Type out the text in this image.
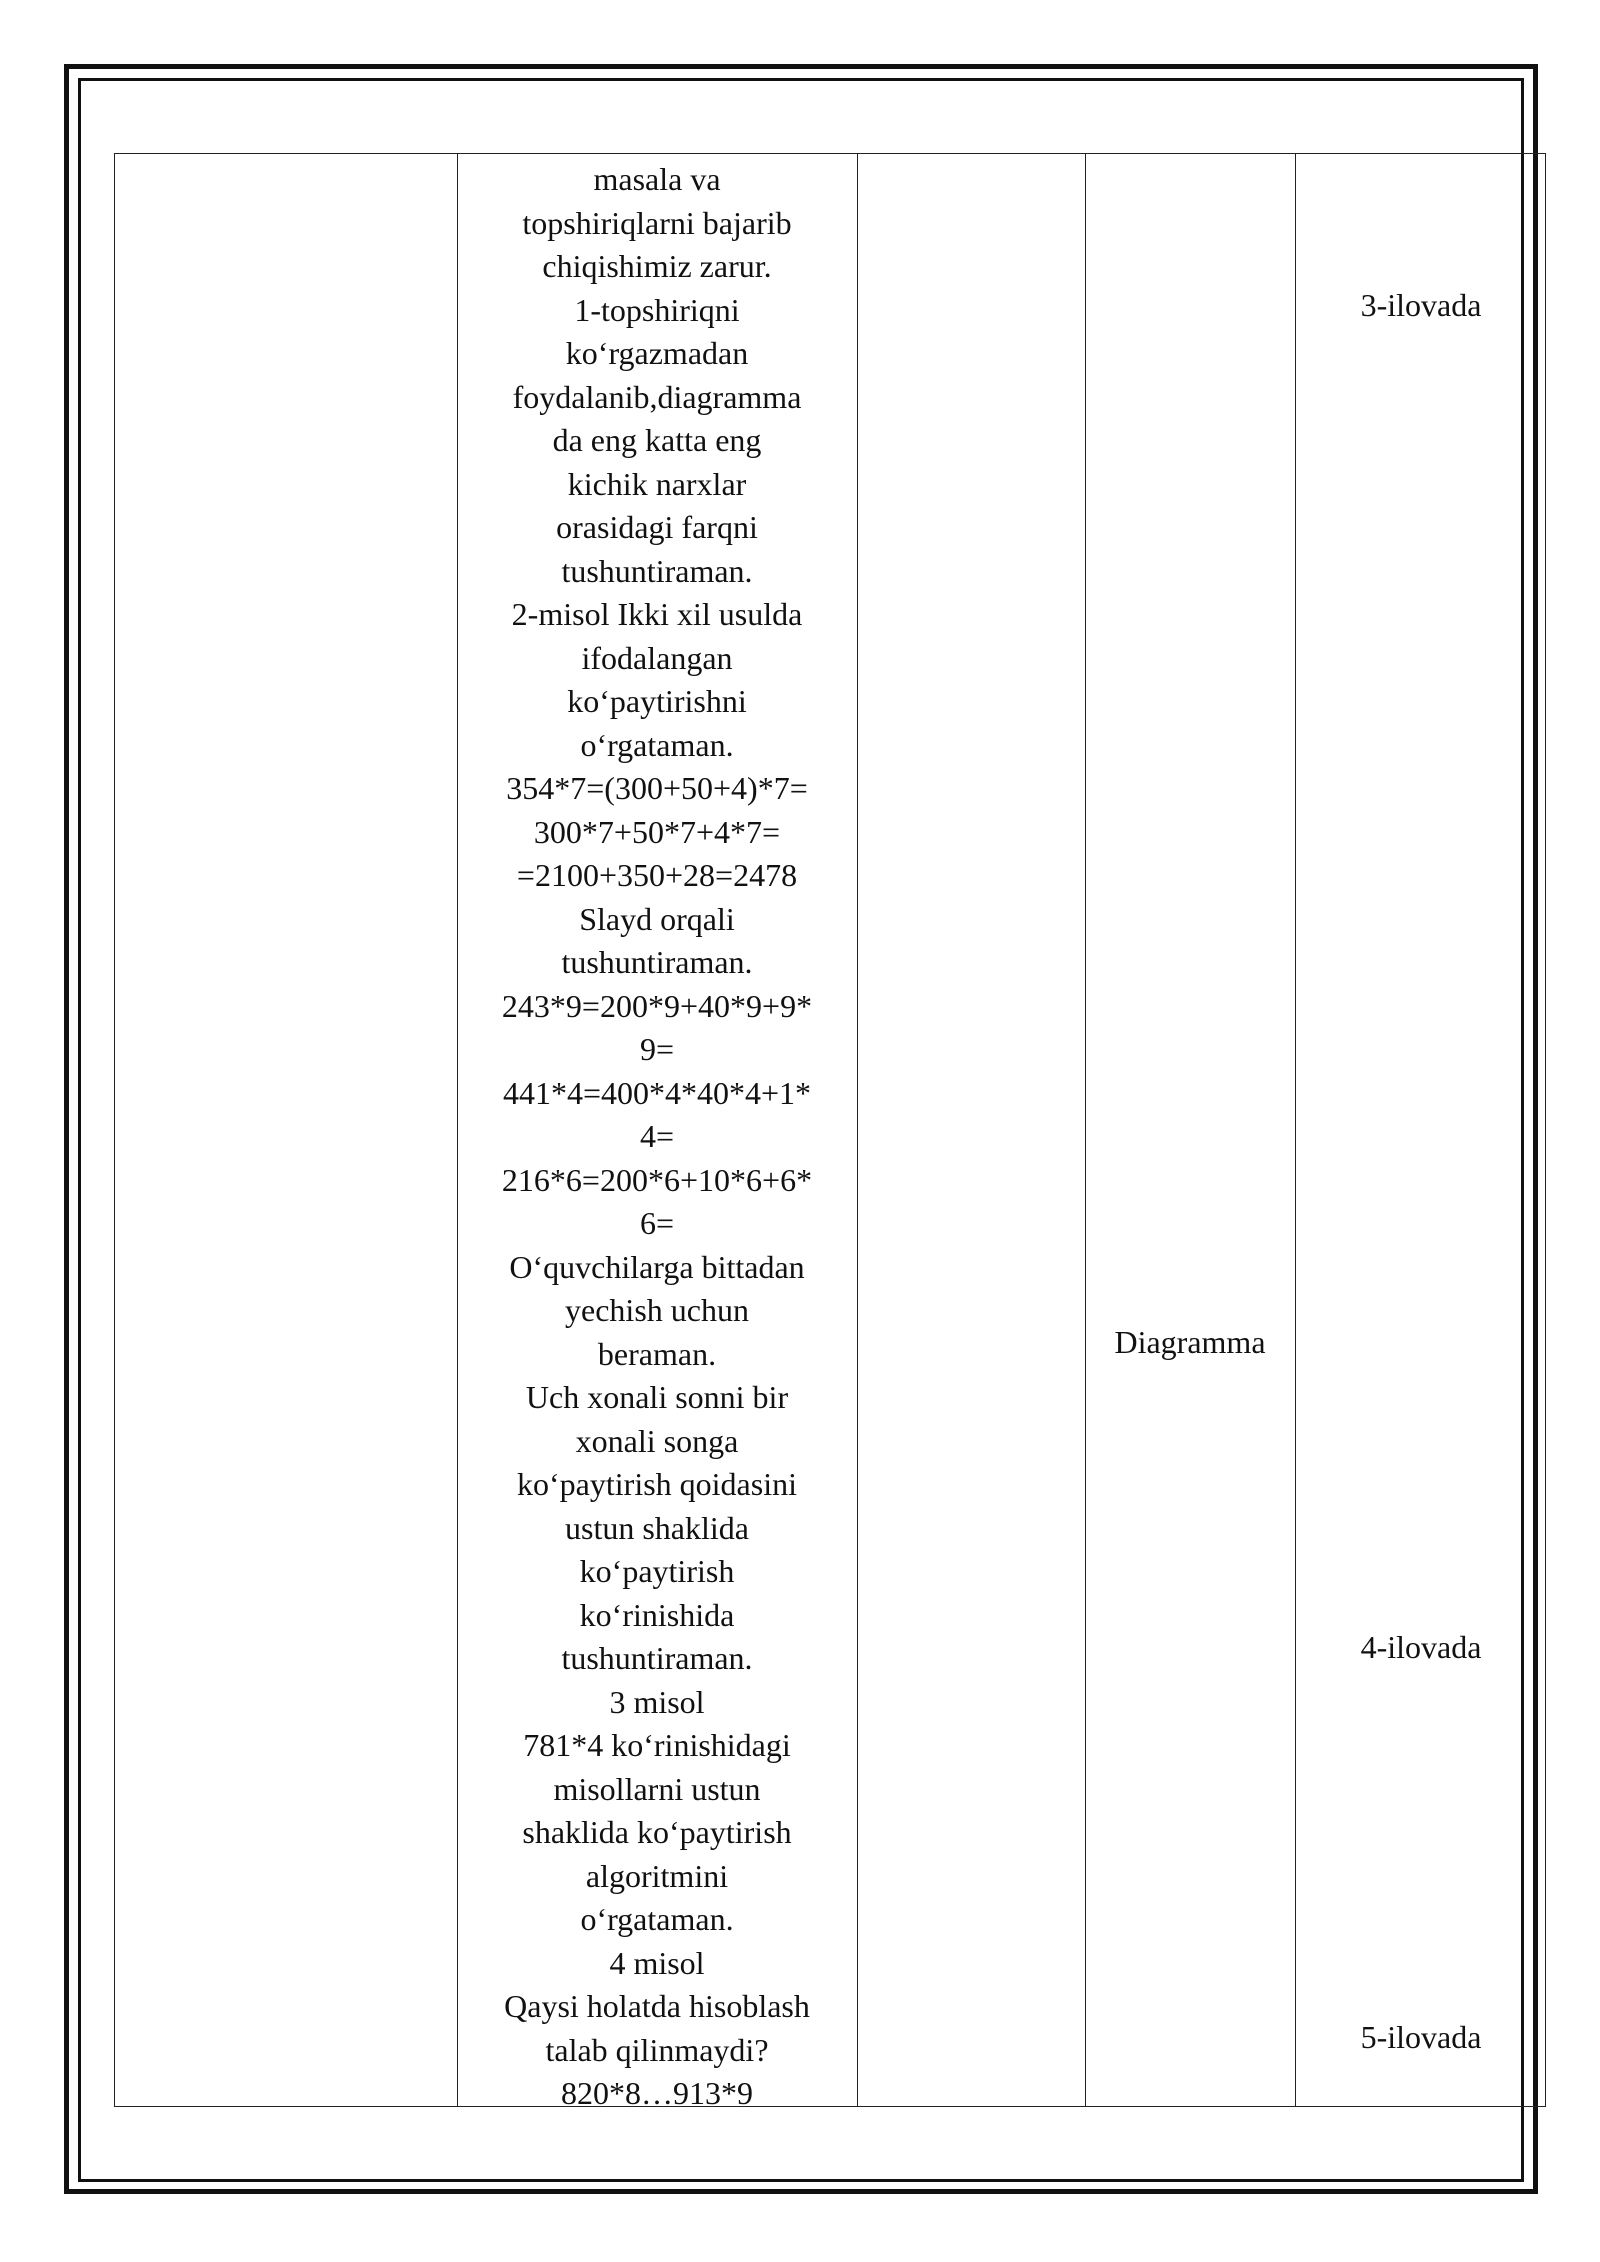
masala va
topshiriqlarni bajarib
chiqishimiz zarur.
1-topshiriqni
ko‘rgazmadan
foydalanib,diagramma
da eng katta eng
kichik narxlar
orasidagi farqni
tushuntiraman.
2-misol Ikki xil usulda
ifodalangan
ko‘paytirishni
o‘rgataman.
354*7=(300+50+4)*7=
300*7+50*7+4*7=
=2100+350+28=2478
Slayd orqali
tushuntiraman.
243*9=200*9+40*9+9*
9=
441*4=400*4*40*4+1*
4=
216*6=200*6+10*6+6*
6=
O‘quvchilarga bittadan
yechish uchun
beraman.
Uch xonali sonni bir
xonali songa
ko‘paytirish qoidasini
ustun shaklida
ko‘paytirish
ko‘rinishida
tushuntiraman.
3 misol
781*4 ko‘rinishidagi
misollarni ustun
shaklida ko‘paytirish
algoritmini
o‘rgataman.
4 misol
Qaysi holatda hisoblash
talab qilinmaydi?
820*8…913*9
Diagramma
3-ilovada
4-ilovada
5-ilovada
